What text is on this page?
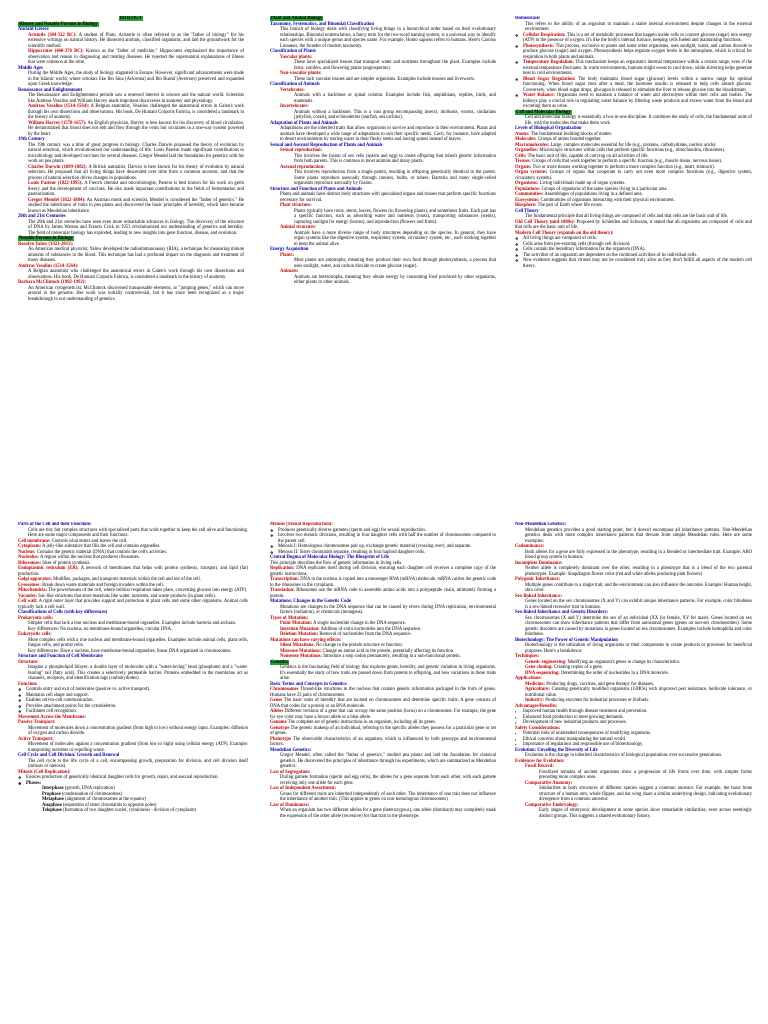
BIOLOGY

History and Notable Persons in Biology

Ancient Greece

Aristotle (384-322 BC): A student of Plato, Aristotle is often referred to as the "father of biology" for his extensive writings on natural history. He dissected animals, classified organisms, and laid the groundwork for the scientific method.

Hippocrates (460-370 BC): Known as the "father of medicine," Hippocrates emphasized the importance of observation and reason in diagnosing and treating diseases. He rejected the supernatural explanations of illness that were common at the time.

Middle Ages

During the Middle Ages, the study of biology stagnated in Europe. However, significant advancements were made in the Islamic world, where scholars like Ibn Sina (Avicenna) and Ibn Rushd (Averroes) preserved and expanded upon Greek knowledge.

Renaissance and Enlightenment

The Renaissance and Enlightenment periods saw a renewed interest in science and the natural world. Scientists like Andreas Vesalius and William Harvey made important discoveries in anatomy and physiology.

Andreas Vesalius (1514-1564): A Belgian anatomist, Vesalius challenged the anatomical errors in Galen's work through his own dissections and observations. His book, De Humani Corporis Fabrica, is considered a landmark in the history of anatomy.

William Harvey (1578-1657): An English physician, Harvey is best known for his discovery of blood circulation. He demonstrated that blood does not ebb and flow through the veins but circulates in a one-way system powered by the heart.

19th Century

The 19th century was a time of great progress in biology. Charles Darwin proposed the theory of evolution by natural selection, which revolutionized our understanding of life. Louis Pasteur made significant contributions to microbiology and developed vaccines for several diseases. Gregor Mendel laid the foundation for genetics with his work on pea plants.

Charles Darwin (1809-1882): A British naturalist, Darwin is best known for his theory of evolution by natural selection. He proposed that all living things have descended over time from a common ancestor, and that the process of natural selection drives changes in populations.

Louis Pasteur (1822-1895): A French chemist and microbiologist, Pasteur is best known for his work on germ theory and the development of vaccines. He also made important contributions to the fields of fermentation and pasteurization.

Gregor Mendel (1822-1884): An Austrian monk and scientist, Mendel is considered the "father of genetics." He studied the inheritance of traits in pea plants and discovered the basic principles of heredity, which later became known as Mendelian inheritance.

20th and 21st Centuries

The 20th and 21st centuries have seen even more remarkable advances in biology. The discovery of the structure of DNA by James Watson and Francis Crick in 1953 revolutionized our understanding of genetics and heredity. The field of molecular biology has exploded, leading to new insights into gene function, disease, and evolution.

Notable Persons in Biology

Rosalyn Yalow (1921-2011):

An American medical physicist, Yalow developed the radioimmunoassay (RIA), a technique for measuring minute amounts of substances in the blood. This technique has had a profound impact on the diagnosis and treatment of many diseases.

Andreas Vesalius (1514-1564):

A Belgian anatomist who challenged the anatomical errors in Galen's work through his own dissections and observations. His book, De Humani Corporis Fabrica, is considered a landmark in the history of anatomy.

Barbara McClintock (1902-1992):

An American cytogeneticist, McClintock discovered transposable elements, or "jumping genes," which can move around in the genome. Her work was initially controversial, but it has since been recognized as a major breakthrough in our understanding of genetics.

Plant and Animal Biology

Taxonomy, Systematics, and Binomial Classification

This branch of biology deals with classifying living things in a hierarchical order based on their evolutionary relationships. Binomial nomenclature, a fancy term for the two-word naming system, is a universal way to identify each species with a unique genus and species name. For example, Homo sapiens refers to humans. Here's Carolus Linnaeus, the founder of modern taxonomy.

Classification of Plants

Vascular plants:

These have specialized tissues that transport water and nutrients throughout the plant. Examples include ferns, conifers, and flowering plants (angiosperms).

Non-vascular plants:

These lack vascular tissues and are simpler organisms. Examples include mosses and liverworts.

Classification of Animals

Vertebrates:

Animals with a backbone or spinal column. Examples include fish, amphibians, reptiles, birds, and mammals.

Invertebrates:

Animals without a backbone. This is a vast group encompassing insects, mollusks, worms, cnidarians (jellyfish, corals), and echinoderms (starfish, sea urchins).

Adaptation of Plants and Animals

Adaptations are the inherited traits that allow organisms to survive and reproduce in their environment. Plants and animals have developed a wide range of adaptations to suit their specific needs. Cacti, for instance, have adapted to desert environments by storing water in their fleshy stems and having spines instead of leaves.

Sexual and Asexual Reproduction of Plants and Animals

Sexual reproduction:

This involves the fusion of sex cells (sperm and egg) to create offspring that inherit genetic information from both parents. This is common in most animals and many plants.

Asexual reproduction:

This involves reproduction from a single parent, resulting in offspring genetically identical to the parent. Some plants reproduce asexually through runners, bulbs, or tubers. Bacteria and many single-celled organisms reproduce asexually by fission.

Structure and Function of Plants and Animals

Plants and animals have distinct body structures with specialized organs and tissues that perform specific functions necessary for survival.

Plant structure:

Plants typically have roots, stems, leaves, flowers (in flowering plants), and sometimes fruits. Each part has a specific function, such as absorbing water and nutrients (roots), transporting substances (stems), capturing sunlight for energy (leaves), and reproduction (flowers and fruits).

Animal structure:

Animals have a more diverse range of body structures depending on the species. In general, they have organ systems like the digestive system, respiratory system, circulatory system, etc., each working together to keep the animal alive.

Energy Acquisition

Plants:

Most plants are autotrophs, meaning they produce their own food through photosynthesis, a process that uses sunlight, water, and carbon dioxide to create glucose (sugar).

Animals:

Animals are heterotrophs, meaning they obtain energy by consuming food produced by other organisms, either plants or other animals.

Homeostasis

This refers to the ability of an organism to maintain a stable internal environment despite changes in the external environment.

❖ Cellular Respiration: This is a set of metabolic processes that happen inside cells to convert glucose (sugar) into energy (ATP) in the presence of oxygen. It's like the body's internal furnace, keeping cells fueled and maintaining functions.

❖ Photosynthesis: This process, exclusive to plants and some other organisms, uses sunlight, water, and carbon dioxide to produce glucose (sugar) and oxygen. Photosynthesis helps regulate oxygen levels in the atmosphere, which is critical for respiration in both plants and animals.

❖ Temperature Regulation: This mechanism keeps an organism's internal temperature within a certain range, even if the external temperature fluctuates. In warm environments, humans might sweat to cool down, while shivering helps generate heat in cold environments.

❖ Blood Sugar Regulation: The body maintains blood sugar (glucose) levels within a narrow range for optimal functioning. When blood sugar rises after a meal, the hormone insulin is released to help cells absorb glucose. Conversely, when blood sugar drops, glucagon is released to stimulate the liver to release glucose into the bloodstream.

❖ Water Balance: Organisms need to maintain a balance of water and electrolytes within their cells and bodies. The kidneys play a crucial role in regulating water balance by filtering waste products and excess water from the blood and excreting them as urine.

Cell and Molecular Biology

Cell and molecular biology is essentially a two-in-one discipline. It combines the study of cells, the fundamental units of life, with the molecules that make them work.

Levels of Biological Organization

Atoms: The fundamental building blocks of matter.

Molecules: Groups of atoms bonded together.

Macromolecules: Large, complex molecules essential for life (e.g., proteins, carbohydrates, nucleic acids).

Organelles: Microscopic structures within cells that perform specific functions (e.g., mitochondria, ribosomes).

Cells: The basic unit of life, capable of carrying on all activities of life.

Tissues: Groups of cells that work together to perform a specific function (e.g., muscle tissue, nervous tissue).

Organs: Two or more tissues working together to perform a more complex function (e.g., heart, stomach).

Organ systems: Groups of organs that cooperate to carry out even more complex functions (e.g., digestive system, circulatory system).

Organisms: Living individuals made up of organ systems.

Populations: Groups of organisms of the same species living in a particular area.

Communities: Assemblages of populations living in a defined area.

Ecosystems: Communities of organisms interacting with their physical environment.

Biosphere: The part of Earth where life exists.

Cell Theory

The fundamental principle that all living things are composed of cells and that cells are the basic unit of life.

Old Cell Theory (mid-1800s): Proposed by Schleiden and Schwann, it stated that all organisms are composed of cells and that cells are the basic unit of life.

Modern Cell Theory (expands on the old theory):

❖ All living things are composed of cells.

❖ Cells arise from pre-existing cells (through cell division).

❖ Cells contain the hereditary information for the organism (DNA).

❖ The activities of an organism are dependent on the combined activities of its individual cells.

❖ New evidence suggests that viruses may not be considered truly alive as they don't fulfill all aspects of the modern cell theory.

Parts of the Cell and their Functions

Cells are tiny but complex structures with specialized parts that work together to keep the cell alive and functioning. Here are some major components and their functions:

Cell membrane: Controls what enters and leaves the cell.

Cytoplasm: A jelly-like substance that fills the cell and contains organelles.

Nucleus: Contains the genetic material (DNA) that controls the cell's activities.

Nucleolus: A region within the nucleus that produces ribosomes.

Ribosomes: Sites of protein synthesis.

Endoplasmic reticulum (ER): A network of membranes that helps with protein synthesis, transport, and lipid (fat) production.

Golgi apparatus: Modifies, packages, and transports materials within the cell and out of the cell.

Lysosomes: Break down waste materials and foreign invaders within the cell.

Mitochondria: The powerhouses of the cell, where cellular respiration takes place, converting glucose into energy (ATP).

Vacuoles: Sac-like structures that store materials like water, nutrients, and waste products (in plant cells).

Cell wall: A rigid outer layer that provides support and protection in plant cells and some other organisms. Animal cells typically lack a cell wall.

Classifications of Cells (with key differences)

Prokaryotic cells:

Simpler cells that lack a true nucleus and membrane-bound organelles. Examples include bacteria and archaea.

Key differences: No nucleus, no membrane-bound organelles, circular DNA.

Eukaryotic cells:

More complex cells with a true nucleus and membrane-bound organelles. Examples include animal cells, plant cells, fungus cells, and protist cells.

Key differences: Have a nucleus, have membrane-bound organelles, linear DNA organized in chromosomes.

Structure and Function of Cell Membrane

Structure:

Imagine a phospholipid bilayer, a double layer of molecules with a "water-loving" head (phosphate) and a "water-fearing" tail (fatty acid). This creates a selectively permeable barrier. Proteins embedded in the membrane act as channels, receptors, and identification tags (carbohydrates).

Function:

❖ Controls entry and exit of molecules (passive vs. active transport).

❖ Maintains cell shape and support.

❖ Enables cell-to-cell communication.

❖ Provides attachment points for the cytoskeleton.

❖ Facilitates cell recognition.

Movement Across the Membrane:

Passive Transport:

Movement of molecules down a concentration gradient (from high to low) without energy input. Examples: diffusion of oxygen and carbon dioxide.

Active Transport:

Movement of molecules against a concentration gradient (from low to high) using cellular energy (ATP). Example: transporting nutrients or expelling waste.

Cell Cycle and Cell Division: Growth and Renewal

The cell cycle is the life cycle of a cell, encompassing growth, preparation for division, and cell division itself (mitosis or meiosis).

Mitosis (Cell Replication):

❖ Ensures production of genetically identical daughter cells for growth, repair, and asexual reproduction.

❖ Phases:

Interphase (growth, DNA replication)

Prophase (condensation of chromosomes)

Metaphase (alignment of chromosomes at the equator)

Anaphase (separation of sister chromatids to opposite poles)

Telophase (formation of two daughter nuclei, cytokinesis - division of cytoplasm)

Meiosis (Sexual Reproduction):

❖ Produces genetically diverse gametes (sperm and egg) for sexual reproduction.

❖ Involves two meiotic divisions, resulting in four daughter cells with half the number of chromosomes compared to the parent cell.

❖ Meiosis I: Homologous chromosomes pair up, exchange genetic material (crossing over), and separate.

❖ Meiosis II: Sister chromatids separate, resulting in four haploid daughter cells.

Central Dogma of Molecular Biology: The Blueprint of Life

This principle describes the flow of genetic information in living cells.

Replication: DNA replicates itself during cell division, ensuring each daughter cell receives a complete copy of the genetic instructions.

Transcription: DNA in the nucleus is copied into a messenger RNA (mRNA) molecule. mRNA carries the genetic code to the ribosomes in the cytoplasm.

Translation: Ribosomes use the mRNA code to assemble amino acids into a polypeptide chain, ultimately forming a protein.

Mutations: Changes in the Genetic Code

Mutations are changes in the DNA sequence that can be caused by errors during DNA replication, environmental factors (radiation), or chemicals (mutagens).

Types of Mutation:

Point Mutation: A single nucleotide change in the DNA sequence.

Insertion Mutation: Addition of extra nucleotides into the DNA sequence.

Deletion Mutation: Removal of nucleotides from the DNA sequence.

Mutations can have varying effects:

Silent Mutations: No change in the protein structure or function.

Missense Mutations: Change an amino acid in the protein, potentially affecting its function.

Nonsense Mutations: Introduce a stop codon prematurely, resulting in a non-functional protein.

Genetics

Genetics is the fascinating field of biology that explores genes, heredity, and genetic variation in living organisms. It's essentially the study of how traits are passed down from parents to offspring, and how variations in those traits arise.

Basic Terms and Concepts in Genetics:

Chromosomes Thread-like structures in the nucleus that contain genetic information packaged in the form of genes. Humans have 23 pairs of chromosomes.

Genes The basic units of heredity that are located on chromosomes and determine specific traits. A gene consists of DNA that codes for a protein or an RNA molecule.

Alleles Different versions of a gene that can occupy the same position (locus) on a chromosome. For example, the gene for eye color may have a brown allele or a blue allele.

Genome The complete set of genetic instructions in an organism, including all its genes.

Genotype The genetic makeup of an individual, referring to the specific alleles they possess for a particular gene or set of genes.

Phenotype The observable characteristics of an organism, which is influenced by both genotype and environmental factors.

Mendelian Genetics:

Gregor Mendel, often called the "father of genetics," studied pea plants and laid the foundation for classical genetics. He discovered the principles of inheritance through his experiments, which are summarized as Mendelian genetics:

Law of Segregation:

During gamete formation (sperm and egg cells), the alleles for a gene separate from each other, with each gamete receiving only one allele for each gene.

Law of Independent Assortment:

Genes for different traits are inherited independently of each other. The inheritance of one trait does not influence the inheritance of another trait. (This applies to genes on non-homologous chromosomes)

Law of Dominance:

When an organism has two different alleles for a gene (heterozygous), one allele (dominant) may completely mask the expression of the other allele (recessive) for that trait in the phenotype.

Non-Mendelian Genetics:

Mendelian genetics provides a good starting point, but it doesn't encompass all inheritance patterns. Non-Mendelian genetics deals with more complex inheritance patterns that deviate from simple Mendelian rules. Here are some examples:

Codominance:

Both alleles for a gene are fully expressed in the phenotype, resulting in a blended or intermediate trait. Example: ABO blood group system in humans.

Incomplete Dominance:

Neither allele is completely dominant over the other, resulting in a phenotype that is a blend of the two parental phenotypes. Example: Snapdragon flower color (red and white alleles producing pink flowers)

Polygenic Inheritance:

Multiple genes contribute to a single trait, and the environment can also influence the outcome. Example: Human height, skin color.

Sex-linked Inheritance:

Genes located on the sex chromosomes (X and Y) can exhibit unique inheritance patterns. For example, color blindness is a sex-linked recessive trait in humans.

Sex-linked Inheritance and Genetic Disorders:

Sex chromosomes (X and Y) determine the sex of an individual (XX for female, XY for male). Genes located on sex chromosomes can show inheritance patterns that differ from autosomal genes (genes on non-sex chromosomes). Some genetic disorders are caused by mutations in genes located on sex chromosomes. Examples include hemophilia and color blindness.

Biotechnology: The Power of Genetic Manipulation

Biotechnology is the utilization of living organisms or their components to create products or processes for beneficial purposes. Here's a breakdown:

Techniques:

Genetic engineering: Modifying an organism's genes to change its characteristics.

Gene cloning: Creating copies of a gene.

DNA sequencing: Determining the order of nucleotides in a DNA molecule.

Applications:

Medicine: Producing drugs, vaccines, and gene therapy for diseases.

Agriculture: Creating genetically modified organisms (GMOs) with improved pest resistance, herbicide tolerance, or nutritional value.

Industry: Producing enzymes for industrial processes or biofuels.

Advantages/Benefits:

▪ Improved human health through disease treatment and prevention.

▪ Enhanced food production to meet growing demands.

▪ Development of new industrial products and processes.

Safety Considerations:

▪ Potential risks of unintended consequences of modifying organisms.

▪ Ethical concerns about manipulating the natural world.

▪ Importance of regulations and responsible use of biotechnology.

Evolution: Unveiling the Diversity of Life

Evolution is the change in inherited characteristics of biological populations over successive generations.

Evidences for Evolution:

Fossil Record:

Fossilized remains of ancient organisms show a progression of life forms over time, with simpler forms preceding more complex ones.

Comparative Anatomy:

Similarities in body structures of different species suggest a common ancestor. For example, the basic bone structure of a human arm, whale flipper, and bat wing share a similar underlying design, indicating evolutionary divergence from a common ancestor.

Comparative Embryology:

Early stages of embryonic development in some species show remarkable similarities, even across seemingly distinct groups. This suggests a shared evolutionary history.
